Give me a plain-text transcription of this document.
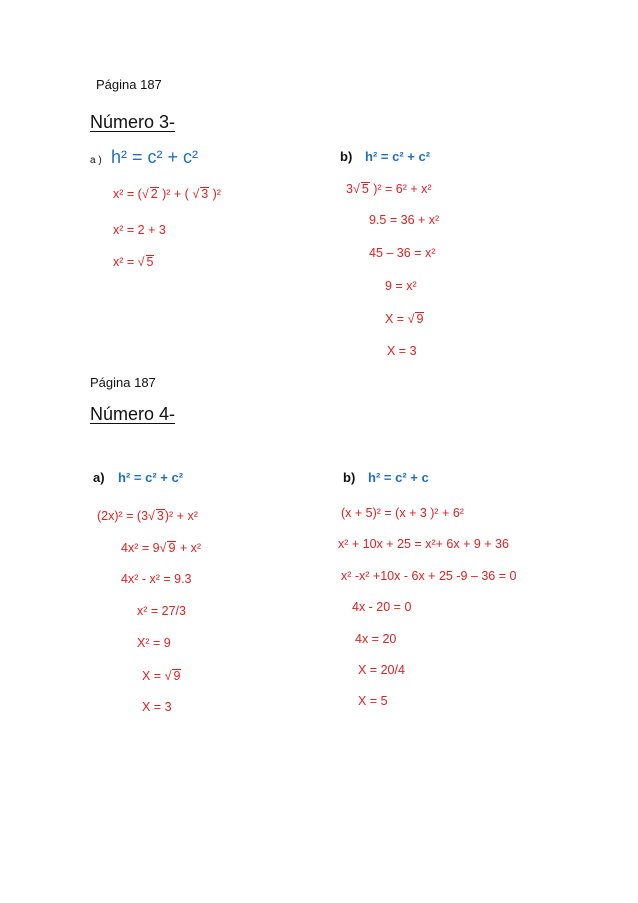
Página 187
Número 3-
a ) h² = c² + c²
x² = (√ 2 )² + ( √ 3 )²
x² = 2 + 3
x² = √ 5
b) h² = c² + c²
3√ 5 )² = 6² + x²
9.5 = 36 + x²
45 – 36 = x²
9 = x²
X = √ 9
X = 3
Página 187
Número 4-
a) h² = c² + c²
(2x)² = (3√ 3)² + x²
4x² = 9√ 9 + x²
4x² - x² = 9.3
x² = 27/3
X² = 9
X = √ 9
X = 3
b) h² = c² + c
(x + 5)² = (x + 3 )² + 6²
x² + 10x + 25 = x²+ 6x + 9 + 36
x² -x² +10x - 6x + 25 -9 – 36 = 0
4x - 20 = 0
4x = 20
X = 20/4
X = 5
